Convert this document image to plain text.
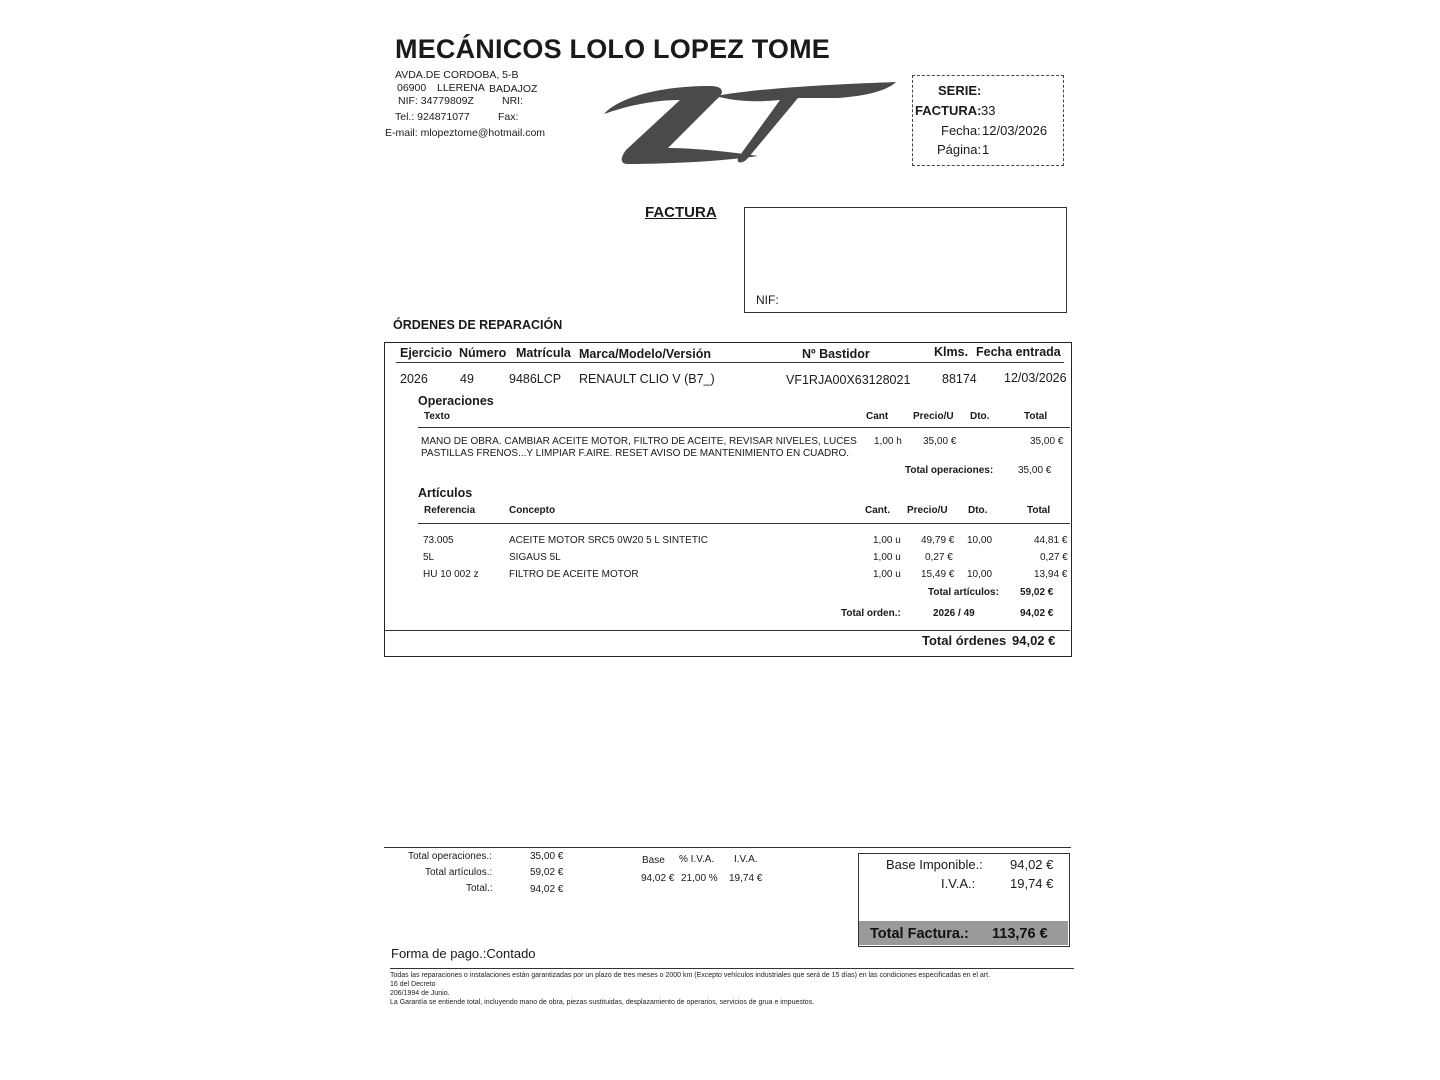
MECÁNICOS LOLO LOPEZ TOME
AVDA.DE CORDOBA, 5-B
06900 LLERENA BADAJOZ
NIF: 34779809Z	NRI:
Tel.: 924871077	Fax:
E-mail: mlopeztome@hotmail.com
LT
SERIE:
FACTURA: 33
Fecha: 12/03/2026
Página: 1
FACTURA
NIF:
ÓRDENES DE REPARACIÓN
Ejercicio Número Matrícula Marca/Modelo/Versión	Nº Bastidor	Klms. Fecha entrada
2026	49	9486LCP RENAULT CLIO V (B7_)	VF1RJA00X63128021	88174 12/03/2026
Operaciones
Texto	Cant Precio/U Dto.	Total
MANO DE OBRA. CAMBIAR ACEITE MOTOR, FILTRO DE ACEITE, REVISAR NIVELES, LUCES
PASTILLAS FRENOS...Y LIMPIAR F.AIRE. RESET AVISO DE MANTENIMIENTO EN CUADRO.
1,00 h 35,00 €	35,00 €
Total operaciones: 35,00 €
Artículos
Referencia	Concepto	Cant. Precio/U Dto.	Total
73.005	ACEITE MOTOR SRC5 0W20 5 L SINTETIC	1,00 u 49,79 € 10,00	44,81 €
5L	SIGAUS 5L	1,00 u 0,27 €	0,27 €
HU 10 002 z	FILTRO DE ACEITE MOTOR	1,00 u 15,49 € 10,00	13,94 €
Total artículos: 59,02 €
Total orden.:	2026 / 49	94,02 €
Total órdenes 94,02 €
Total operaciones.:	35,00 €
Total artículos.:	59,02 €
Total.:	94,02 €
Base % I.V.A. I.V.A.
94,02 € 21,00 % 19,74 €
Base Imponible.: 94,02 €
I.V.A.:	19,74 €
Total Factura.: 113,76 €
Forma de pago.:Contado
Todas las reparaciones o instalaciones están garantizadas por un plazo de tres meses o 2000 km (Excepto vehículos industriales que será de 15 días) en las condiciones especificadas en el art.
16 del Decreto
206/1994 de Junio.
La Garantía se entiende total, incluyendo mano de obra, piezas sustituidas, desplazamiento de operarios, servicios de grua e impuestos.
